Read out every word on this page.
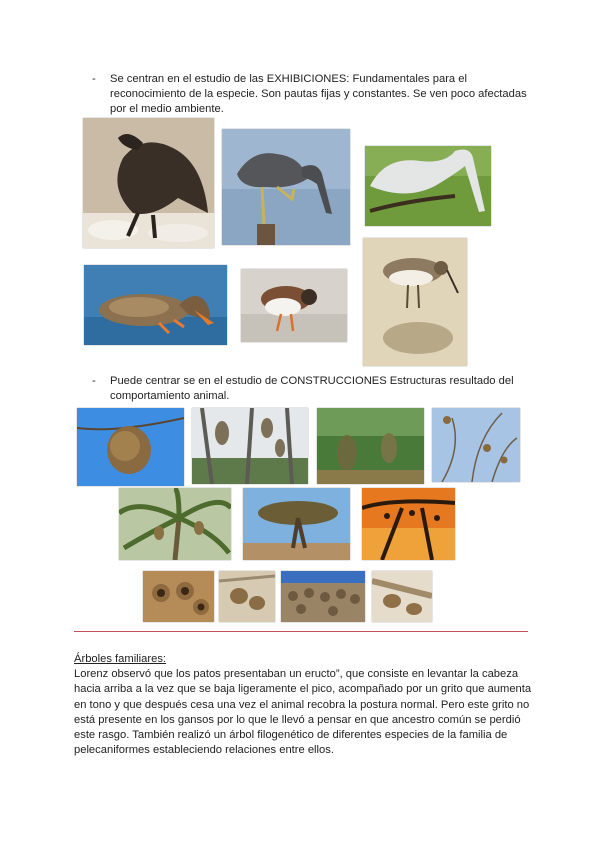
- Se centran en el estudio de las EXHIBICIONES: Fundamentales para el
reconocimiento de la especie. Son pautas fijas y constantes. Se ven poco afectadas
por el medio ambiente.
- Puede centrar se en el estudio de CONSTRUCCIONES Estructuras resultado del
comportamiento animal.
Árboles familiares:
Lorenz observó que los patos presentaban un eructo”, que consiste en levantar la cabeza
hacia arriba a la vez que se baja ligeramente el pico, acompañado por un grito que aumenta
en tono y que después cesa una vez el animal recobra la postura normal. Pero este grito no
está presente en los gansos por lo que le llevó a pensar en que ancestro común se perdió
este rasgo. También realizó un árbol filogenético de diferentes especies de la familia de
pelecaniformes estableciendo relaciones entre ellos.
